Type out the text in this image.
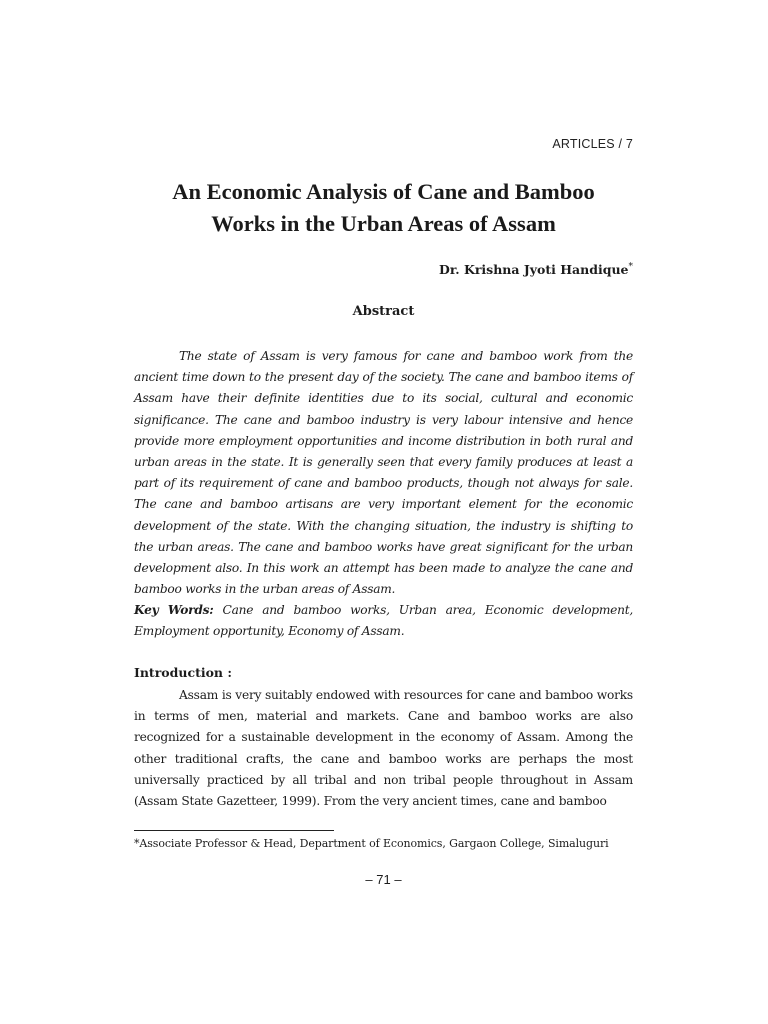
ARTICLES / 7
An Economic Analysis of Cane and Bamboo
Works in the Urban Areas of Assam
Dr. Krishna Jyoti Handique*
Abstract

The state of Assam is very famous for cane and bamboo work from the ancient time down to the present day of the society. The cane and bamboo items of Assam have their definite identities due to its social, cultural and economic significance. The cane and bamboo industry is very labour intensive and hence provide more employment opportunities and income distribution in both rural and urban areas in the state. It is generally seen that every family produces at least a part of its requirement of cane and bamboo products, though not always for sale. The cane and bamboo artisans are very important element for the economic development of the state. With the changing situation, the industry is shifting to the urban areas. The cane and bamboo works have great significant for the urban development also. In this work an attempt has been made to analyze the cane and bamboo works in the urban areas of Assam.

Key Words: Cane and bamboo works, Urban area, Economic development, Employment opportunity, Economy of Assam.

Introduction :

Assam is very suitably endowed with resources for cane and bamboo works in terms of men, material and markets. Cane and bamboo works are also recognized for a sustainable development in the economy of Assam. Among the other traditional crafts, the cane and bamboo works are perhaps the most universally practiced by all tribal and non tribal people throughout in Assam (Assam State Gazetteer, 1999). From the very ancient times, cane and bamboo

*Associate Professor & Head, Department of Economics, Gargaon College, Simaluguri
– 71 –
